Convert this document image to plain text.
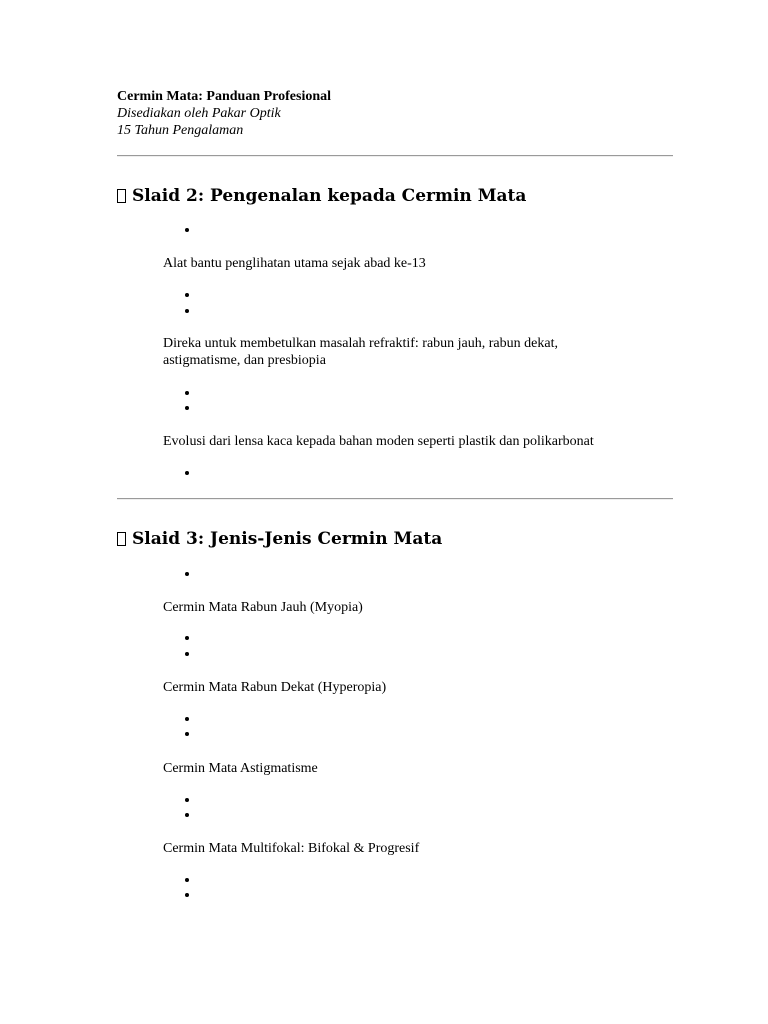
Cermin Mata: Panduan Profesional

Disediakan oleh Pakar Optik

15 Tahun Pengalaman

Slaid 2: Pengenalan kepada Cermin Mata

Alat bantu penglihatan utama sejak abad ke-13

Direka untuk membetulkan masalah refraktif: rabun jauh, rabun dekat, astigmatisme, dan presbiopia

Evolusi dari lensa kaca kepada bahan moden seperti plastik dan polikarbonat

Slaid 3: Jenis-Jenis Cermin Mata

Cermin Mata Rabun Jauh (Myopia)

Cermin Mata Rabun Dekat (Hyperopia)

Cermin Mata Astigmatisme

Cermin Mata Multifokal: Bifokal & Progresif
